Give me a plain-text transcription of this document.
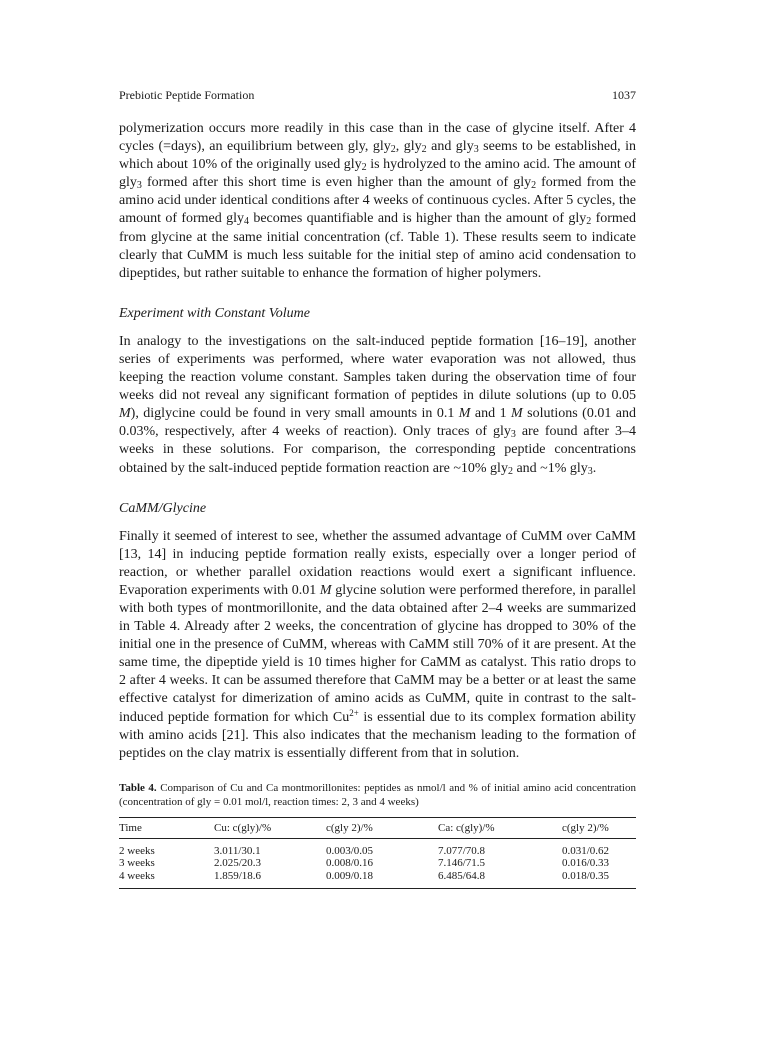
Prebiotic Peptide Formation	1037

polymerization occurs more readily in this case than in the case of glycine itself. After 4 cycles (=days), an equilibrium between gly, gly$_2$, gly$_2$ and gly$_3$ seems to be established, in which about 10% of the originally used gly$_2$ is hydrolyzed to the amino acid. The amount of gly$_3$ formed after this short time is even higher than the amount of gly$_2$ formed from the amino acid under identical conditions after 4 weeks of continuous cycles. After 5 cycles, the amount of formed gly$_4$ becomes quantifiable and is higher than the amount of gly$_2$ formed from glycine at the same initial concentration (cf. Table 1). These results seem to indicate clearly that CuMM is much less suitable for the initial step of amino acid condensation to dipeptides, but rather suitable to enhance the formation of higher polymers.

Experiment with Constant Volume

In analogy to the investigations on the salt-induced peptide formation [16–19], another series of experiments was performed, where water evaporation was not allowed, thus keeping the reaction volume constant. Samples taken during the observation time of four weeks did not reveal any significant formation of peptides in dilute solutions (up to 0.05 M), diglycine could be found in very small amounts in 0.1 M and 1 M solutions (0.01 and 0.03%, respectively, after 4 weeks of reaction). Only traces of gly$_3$ are found after 3–4 weeks in these solutions. For comparison, the corresponding peptide concentrations obtained by the salt-induced peptide formation reaction are ~10% gly$_2$ and ~1% gly$_3$.

CaMM/Glycine

Finally it seemed of interest to see, whether the assumed advantage of CuMM over CaMM [13, 14] in inducing peptide formation really exists, especially over a longer period of reaction, or whether parallel oxidation reactions would exert a significant influence. Evaporation experiments with 0.01 M glycine solution were performed therefore, in parallel with both types of montmorillonite, and the data obtained after 2–4 weeks are summarized in Table 4. Already after 2 weeks, the concentration of glycine has dropped to 30% of the initial one in the presence of CuMM, whereas with CaMM still 70% of it are present. At the same time, the dipeptide yield is 10 times higher for CaMM as catalyst. This ratio drops to 2 after 4 weeks. It can be assumed therefore that CaMM may be a better or at least the same effective catalyst for dimerization of amino acids as CuMM, quite in contrast to the salt-induced peptide formation for which $Cu^{2+}$ is essential due to its complex formation ability with amino acids [21]. This also indicates that the mechanism leading to the formation of peptides on the clay matrix is essentially different from that in solution.

Table 4. Comparison of Cu and Ca montmorillonites: peptides as nmol/l and % of initial amino acid concentration (concentration of gly = 0.01 mol/l, reaction times: 2, 3 and 4 weeks)
Time	Cu: c(gly)/%	c(gly 2)/%	Ca: c(gly)/%	c(gly 2)/%
2 weeks	3.011/30.1	0.003/0.05	7.077/70.8	0.031/0.62
3 weeks	2.025/20.3	0.008/0.16	7.146/71.5	0.016/0.33
4 weeks	1.859/18.6	0.009/0.18	6.485/64.8	0.018/0.35
